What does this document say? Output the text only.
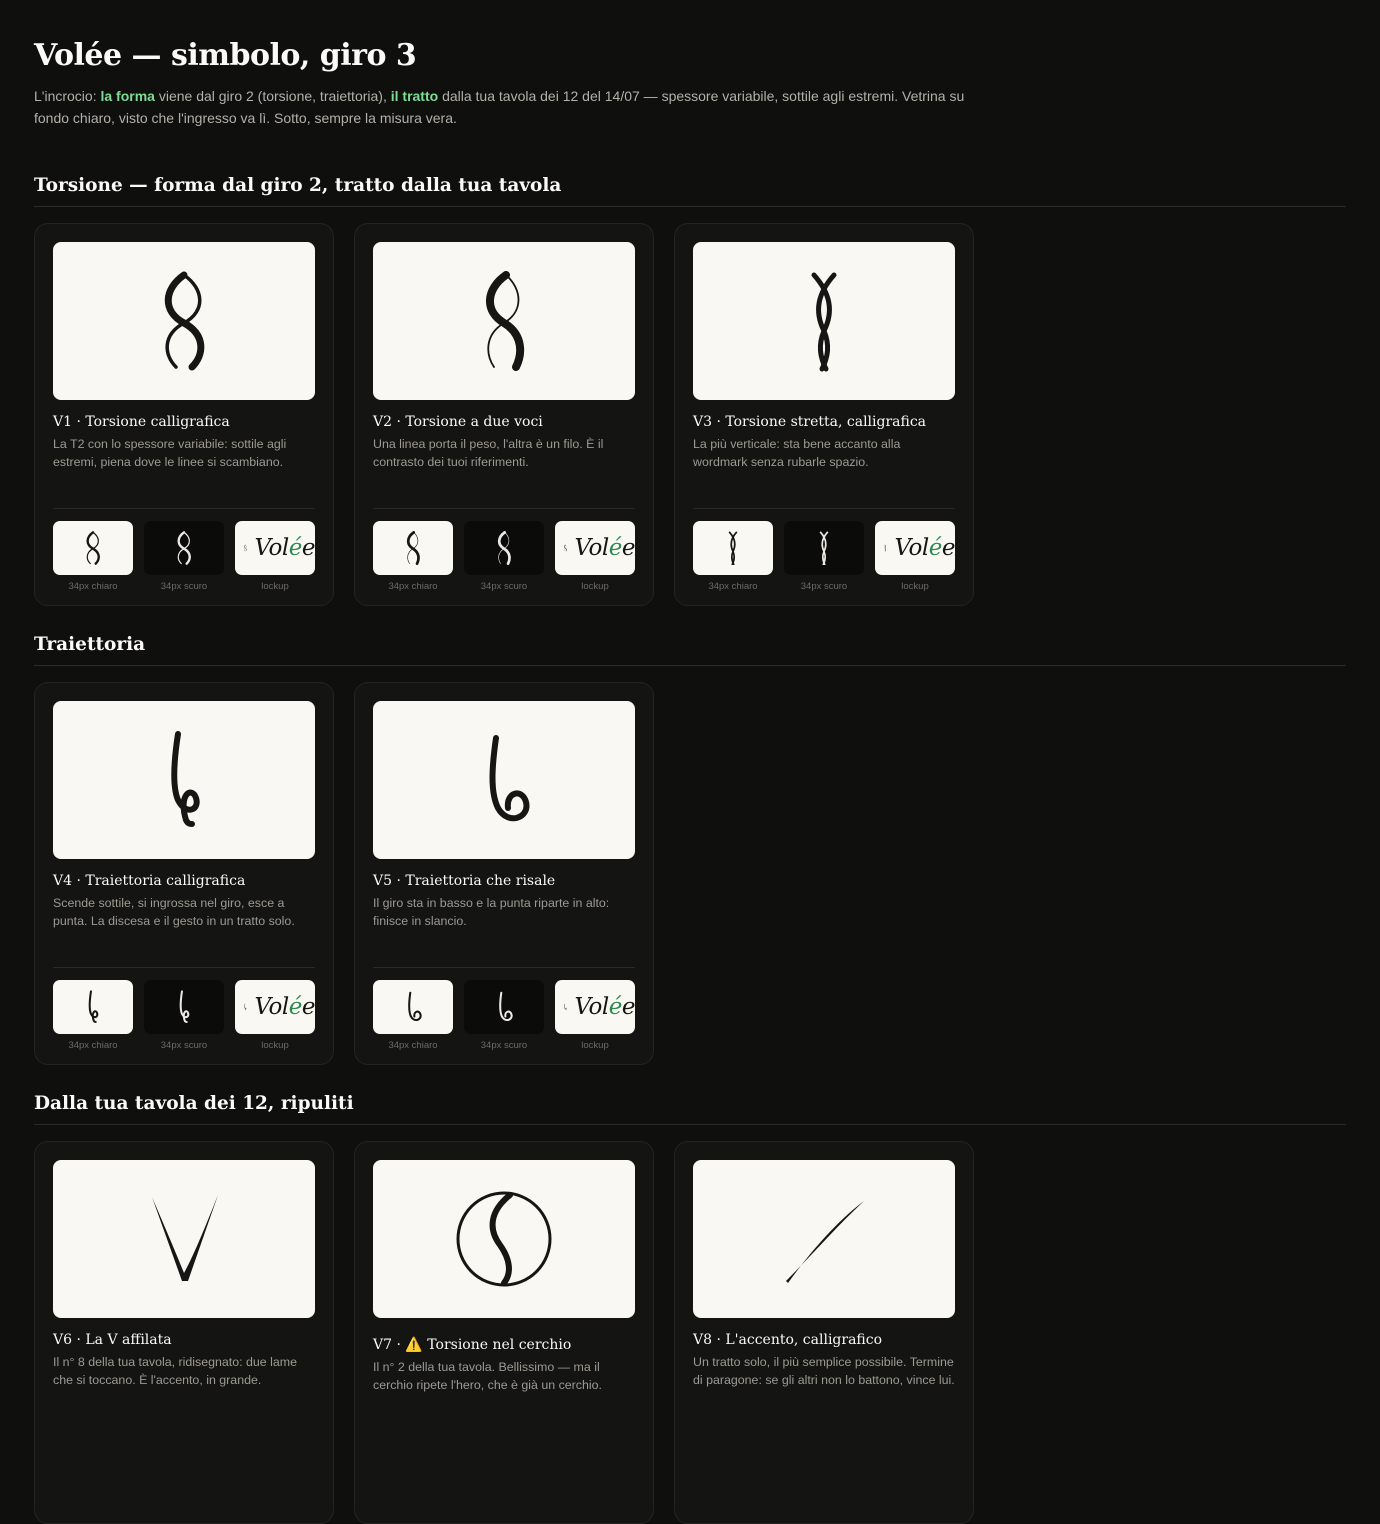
Volée — simbolo, giro 3

L'incrocio: la forma viene dal giro 2 (torsione, traiettoria), il tratto dalla tua tavola dei 12 del 14/07 — spessore variabile, sottile agli estremi. Vetrina su fondo chiaro, visto che l'ingresso va lì. Sotto, sempre la misura vera.

Torsione — forma dal giro 2, tratto dalla tua tavola
V1 · Torsione calligrafica
La T2 con lo spessore variabile: sottile agli estremi, piena dove le linee si scambiano.
34px chiaro	34px scuro
Volée
lockup
V2 · Torsione a due voci
Una linea porta il peso, l'altra è un filo. È il contrasto dei tuoi riferimenti.
34px chiaro	34px scuro
Volée
lockup
V3 · Torsione stretta, calligrafica
La più verticale: sta bene accanto alla wordmark senza rubarle spazio.
34px chiaro	34px scuro
Volée
lockup
Traiettoria
V4 · Traiettoria calligrafica
Scende sottile, si ingrossa nel giro, esce a punta. La discesa e il gesto in un tratto solo.
34px chiaro	34px scuro
Volée
lockup
V5 · Traiettoria che risale
Il giro sta in basso e la punta riparte in alto: finisce in slancio.
34px chiaro	34px scuro
Volée
lockup
Dalla tua tavola dei 12, ripuliti
V6 · La V affilata
Il n° 8 della tua tavola, ridisegnato: due lame che si toccano. È l'accento, in grande.
V7 · ⚠️ Torsione nel cerchio
Il n° 2 della tua tavola. Bellissimo — ma il cerchio ripete l'hero, che è già un cerchio.
V8 · L'accento, calligrafico
Un tratto solo, il più semplice possibile. Termine di paragone: se gli altri non lo battono, vince lui.
